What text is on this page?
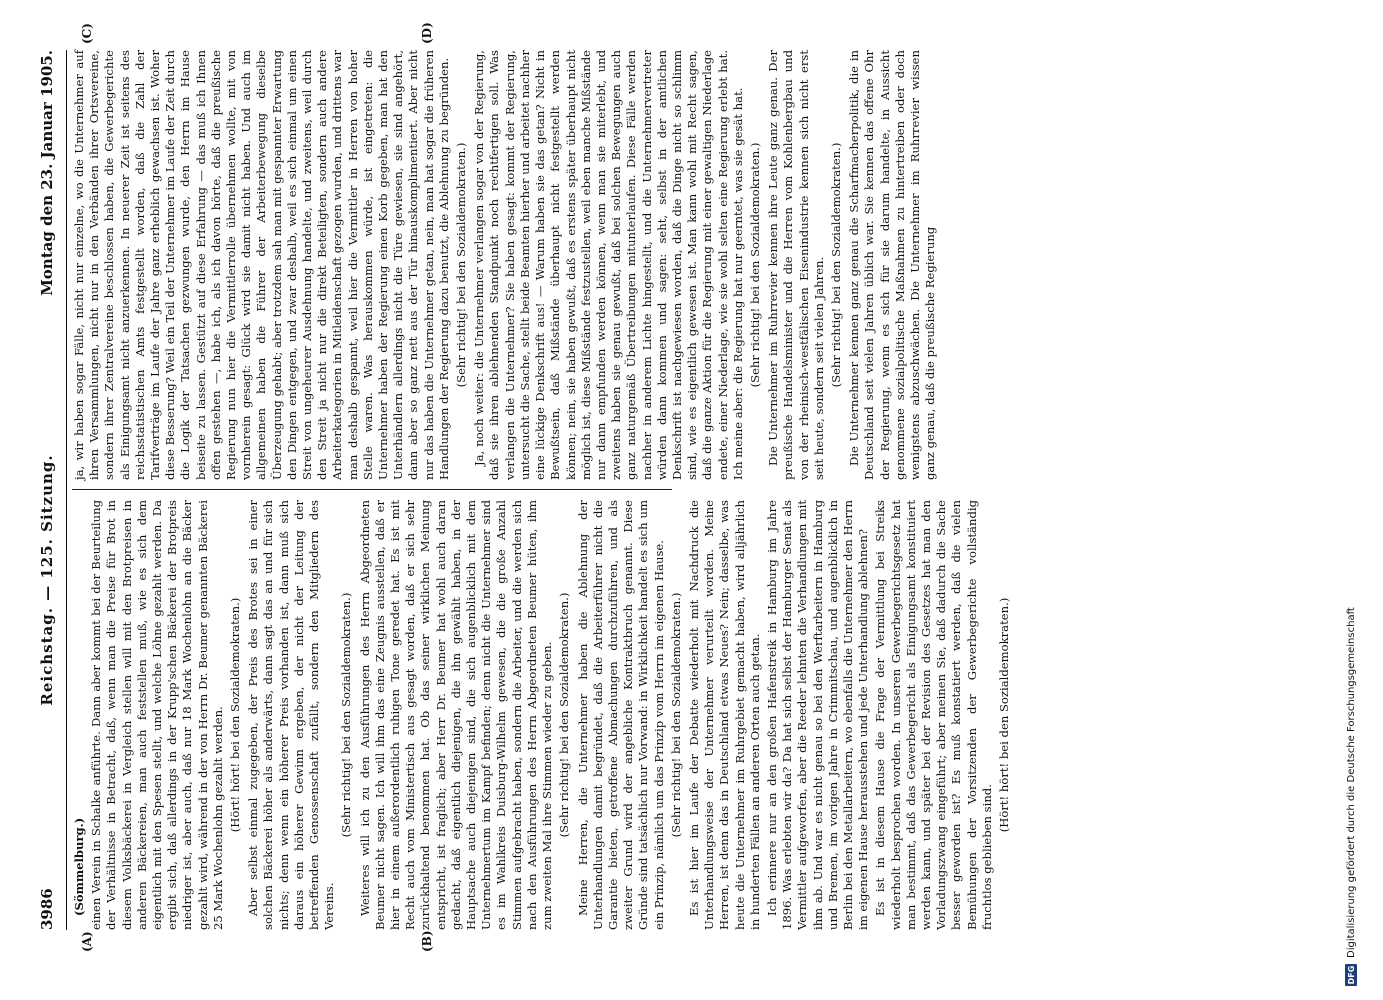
3986
Reichstag. — 125. Sitzung.
Montag den 23. Januar 1905.
(A)	(B)
(C)	(D)

(Sömmelburg.) einen Verein in Schalke anführte. Dann aber kommt bei der Beurteilung der Verhältnisse in Betracht, daß, wenn man die Preise für Brot in diesem Volksbäckerei in Vergleich stellen will mit den Brotpreisen in anderen Bäckereien, man auch feststellen muß, wie es sich dem eigentlich mit den Spesen stellt, und welche Löhne gezahlt werden. Da ergibt sich, daß allerdings in der Krupp'schen Bäckerei der Brotpreis niedriger ist, aber auch, daß nur 18 Mark Wochenlohn an die Bäcker gezahlt wird, während in der von Herrn Dr. Beumer genannten Bäckerei 25 Mark Wochenlohn gezahlt werden. (Hört! hört! bei den Sozialdemokraten.) Aber selbst einmal zugegeben, der Preis des Brotes sei in einer solchen Bäckerei höher als anderwärts, dann sagt das an und für sich nichts; denn wenn ein höherer Preis vorhanden ist, dann muß sich daraus ein höherer Gewinn ergeben, der nicht der Leitung der betreffenden Genossenschaft zufällt, sondern den Mitgliedern des Vereins.

(Sehr richtig! bei den Sozialdemokraten.) Weiteres will ich zu den Ausführungen des Herrn Abgeordneten Beumer nicht sagen. Ich will ihm das eine Zeugnis ausstellen, daß er hier in einem außerordentlich ruhigen Tone geredet hat. Es ist mit Recht auch vom Ministertisch aus gesagt worden, daß er sich sehr zurückhaltend benommen hat. Ob das seiner wirklichen Meinung entspricht, ist fraglich; aber Herr Dr. Beumer hat wohl auch daran gedacht, daß eigentlich diejenigen, die ihn gewählt haben, in der Hauptsache auch diejenigen sind, die sich augenblicklich mit dem Unternehmertum im Kampf befinden; denn nicht die Unternehmer sind es im Wahlkreis Duisburg-Wilhelm gewesen, die die große Anzahl Stimmen aufgebracht haben, sondern die Arbeiter, und die werden sich nach den Ausführungen des Herrn Abgeordneten Beumer hüten, ihm zum zweiten Mal ihre Stimmen wieder zu geben. (Sehr richtig! bei den Sozialdemokraten.) Meine Herren, die Unternehmer haben die Ablehnung der Unterhandlungen damit begründet, daß die Arbeiterführer nicht die Garantie bieten, getroffene Abmachungen durchzuführen, und als zweiter Grund wird der angebliche Kontraktbruch genannt. Diese Gründe sind tatsächlich nur Vorwand: in Wirklichkeit handelt es sich um ein Prinzip, nämlich um das Prinzip vom Herrn im eigenen Hause. (Sehr richtig! bei den Sozialdemokraten.) Es ist hier im Laufe der Debatte wiederholt mit Nachdruck die Unterhandlungsweise der Unternehmer verurteilt worden. Meine Herren, ist denn das in Deutschland etwas Neues? Nein; dasselbe, was heute die Unternehmer im Ruhrgebiet gemacht haben, wird alljährlich in hunderten Fällen an anderen Orten auch getan. Ich erinnere nur an den großen Hafenstreik in Hamburg im Jahre 1896. Was erlebten wir da? Da hat sich selbst der Hamburger Senat als Vermittler aufgeworfen, aber die Reeder lehnten die Verhandlungen mit ihm ab. Und war es nicht genau so bei den Werftarbeitern in Hamburg und Bremen, im vorigen Jahre in Crimmitschau, und augenblicklich in Berlin bei den Metallarbeitern, wo ebenfalls die Unternehmer den Herrn im eigenen Hause herausstehen und jede Unterhandlung ablehnen? Es ist in diesem Hause die Frage der Vermittlung bei Streiks wiederholt besprochen worden. In unseren Gewerbegerichtsgesetz hat man bestimmt, daß das Gewerbegericht als Einigungsamt konstituiert werden kann, und später bei der Revision des Gesetzes hat man den Vorladungszwang eingeführt; aber meinen Sie, daß dadurch die Sache besser geworden ist? Es muß konstatiert werden, daß die vielen Bemühungen der Vorsitzenden der Gewerbegerichte vollständig fruchtlos geblieben sind.

(Hört! hört! bei den Sozialdemokraten.)

ja, wir haben sogar Fälle, nicht nur einzelne, wo die Unternehmer auf ihren Versammlungen, nicht nur in den Verbänden ihrer Ortsvereine, sondern ihrer Zentralvereine beschlossen haben, die Gewerbegerichte als Einigungsamt nicht anzuerkennen. In neuerer Zeit ist seitens des reichsstatistischen Amts festgestellt worden, daß die Zahl der Tarifverträge im Laufe der Jahre ganz erheblich gewachsen ist. Woher diese Besserung? Weil ein Teil der Unternehmer im Laufe der Zeit durch die Logik der Tatsachen gezwungen wurde, den Herrn im Hause beiseite zu lassen. Gestützt auf diese Erfahrung — das muß ich Ihnen offen gestehen —, habe ich, als ich davon hörte, daß die preußische Regierung nun hier die Vermittlerrolle übernehmen wollte, mit von vornherein gesagt: Glück wird sie damit nicht haben. Und auch im allgemeinen haben die Führer der Arbeiterbewegung dieselbe Überzeugung gehabt; aber trotzdem sah man mit gespannter Erwartung den Dingen entgegen, und zwar deshalb, weil es sich einmal um einen Streit von ungeheurer Ausdehnung handelte, und zweitens, weil durch den Streit ja nicht nur die direkt Beteiligten, sondern auch andere Arbeiterkategorien in Mitleidenschaft gezogen wurden, und drittens war man deshalb gespannt, weil hier die Vermittler in Herren von hoher Stelle waren. Was herauskommen würde, ist eingetreten: die Unternehmer haben der Regierung einen Korb gegeben, man hat den Unterhändlern allerdings nicht die Türe gewiesen, sie sind angehört, dann aber so ganz nett aus der Tür hinauskomplimentiert. Aber nicht nur das haben die Unternehmer getan, nein, man hat sogar die früheren Handlungen der Regierung dazu benutzt, die Ablehnung zu begründen. (Sehr richtig! bei den Sozialdemokraten.) Ja, noch weiter: die Unternehmer verlangen sogar von der Regierung, daß sie ihren ablehnenden Standpunkt noch rechtfertigen soll. Was verlangen die Unternehmer? Sie haben gesagt: kommt der Regierung, untersucht die Sache, stellt beide Beamten hierher und arbeitet nachher eine lückige Denkschrift aus! — Warum haben sie das getan? Nicht in Bewußtsein, daß Mißstände überhaupt nicht festgestellt werden können; nein, sie haben gewußt, daß es erstens später überhaupt nicht möglich ist, diese Mißstände festzustellen, weil eben manche Mißstände nur dann empfunden werden können, wenn man sie miterlebt, und zweitens haben sie genau gewußt, daß bei solchen Bewegungen auch ganz naturgemäß Übertreibungen mitunterlaufen. Diese Fälle werden nachher in anderem Lichte hingestellt, und die Unternehmervertreter würden dann kommen und sagen: seht, selbst in der amtlichen Denkschrift ist nachgewiesen worden, daß die Dinge nicht so schlimm sind, wie es eigentlich gewesen ist. Man kann wohl mit Recht sagen, daß die ganze Aktion für die Regierung mit einer gewaltigen Niederlage endete, einer Niederlage, wie sie wohl selten eine Regierung erlebt hat. Ich meine aber: die Regierung hat nur geerntet, was sie gesät hat. (Sehr richtig! bei den Sozialdemokraten.) Die Unternehmer im Ruhrrevier kennen ihre Leute ganz genau. Der preußische Handelsminister und die Herren vom Kohlenbergbau und von der rheinisch-westfälischen Eisenindustrie kennen sich nicht erst seit heute, sondern seit vielen Jahren. (Sehr richtig! bei den Sozialdemokraten.) Die Unternehmer kennen ganz genau die Scharfmacherpolitik, die in Deutschland seit vielen Jahren üblich war. Sie kennen das offene Ohr der Regierung, wenn es sich für sie darum handelte, in Aussicht genommene sozialpolitische Maßnahmen zu hintertreiben oder doch wenigstens abzuschwächen. Die Unternehmer im Ruhrrevier wissen ganz genau, daß die preußische Regierung

DFG
Digitalisierung gefördert durch die Deutsche Forschungsgemeinschaft
